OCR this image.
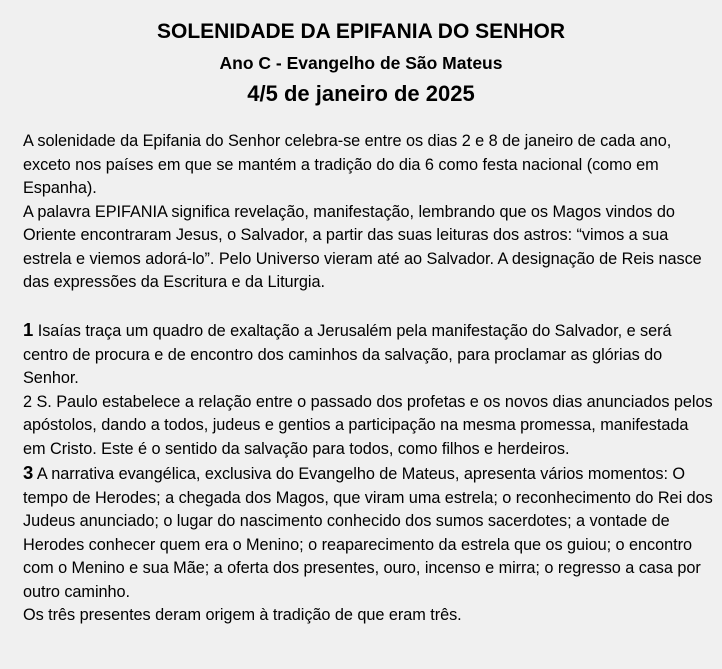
SOLENIDADE DA EPIFANIA DO SENHOR
Ano C - Evangelho de São Mateus
4/5 de janeiro de 2025

A solenidade da Epifania do Senhor celebra-se entre os dias 2 e 8 de janeiro de cada ano, exceto nos países em que se mantém a tradição do dia 6 como festa nacional (como em Espanha).

A palavra EPIFANIA significa revelação, manifestação, lembrando que os Magos vindos do Oriente encontraram Jesus, o Salvador, a partir das suas leituras dos astros: “vimos a sua estrela e viemos adorá-lo”. Pelo Universo vieram até ao Salvador. A designação de Reis nasce das expressões da Escritura e da Liturgia.

1 Isaías traça um quadro de exaltação a Jerusalém pela manifestação do Salvador, e será centro de procura e de encontro dos caminhos da salvação, para proclamar as glórias do Senhor.

2 S. Paulo estabelece a relação entre o passado dos profetas e os novos dias anunciados pelos apóstolos, dando a todos, judeus e gentios a participação na mesma promessa, manifestada em Cristo. Este é o sentido da salvação para todos, como filhos e herdeiros.

3 A narrativa evangélica, exclusiva do Evangelho de Mateus, apresenta vários momentos: O tempo de Herodes; a chegada dos Magos, que viram uma estrela; o reconhecimento do Rei dos Judeus anunciado; o lugar do nascimento conhecido dos sumos sacerdotes; a vontade de Herodes conhecer quem era o Menino; o reaparecimento da estrela que os guiou; o encontro com o Menino e sua Mãe; a oferta dos presentes, ouro, incenso e mirra; o regresso a casa por outro caminho.

Os três presentes deram origem à tradição de que eram três.
